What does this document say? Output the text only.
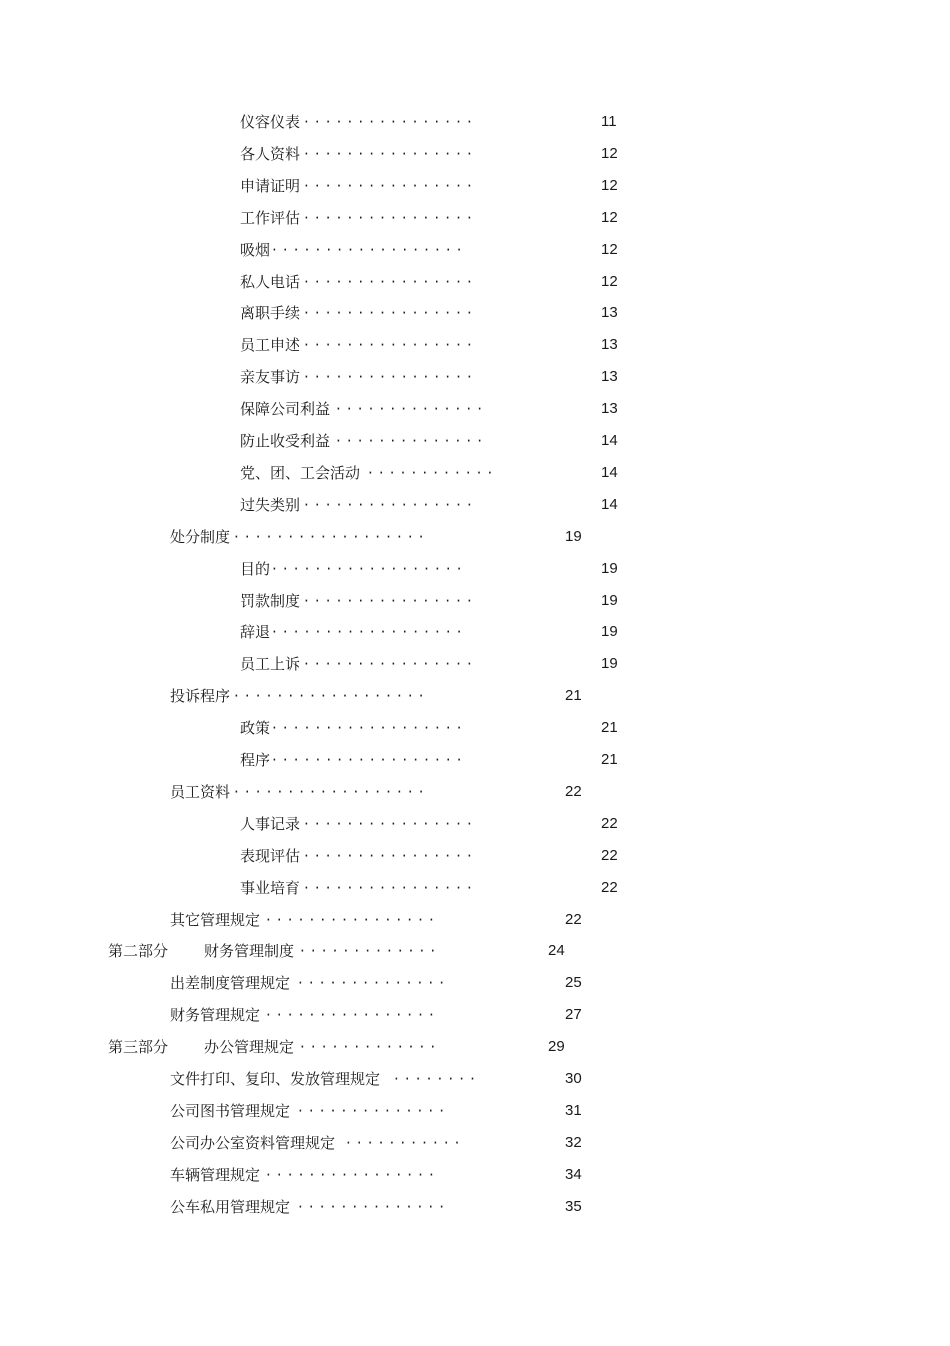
仪容仪表 ················	11
各人资料 ················	12
申请证明 ················	12
工作评估 ················	12
吸烟 ··················	12
私人电话 ················	12
离职手续 ················	13
员工申述 ················	13
亲友事访 ················	13
保障公司利益 ··············	13
防止收受利益 ··············	14
党、团、工会活动 ············	14
过失类别 ················	14
处分制度 ··················	19
目的 ··················	19
罚款制度 ················	19
辞退 ··················	19
员工上诉 ················	19
投诉程序 ··················	21
政策 ··················	21
程序 ··················	21
员工资料 ··················	22
人事记录 ················	22
表现评估 ················	22
事业培育 ················	22
其它管理规定 ················	22
第二部分 财务管理制度 ·············	24
出差制度管理规定 ··············	25
财务管理规定 ················	27
第三部分 办公管理规定 ·············	29
文件打印、复印、发放管理规定 ········	30
公司图书管理规定 ··············	31
公司办公室资料管理规定 ···········	32
车辆管理规定 ················	34
公车私用管理规定 ··············	35
